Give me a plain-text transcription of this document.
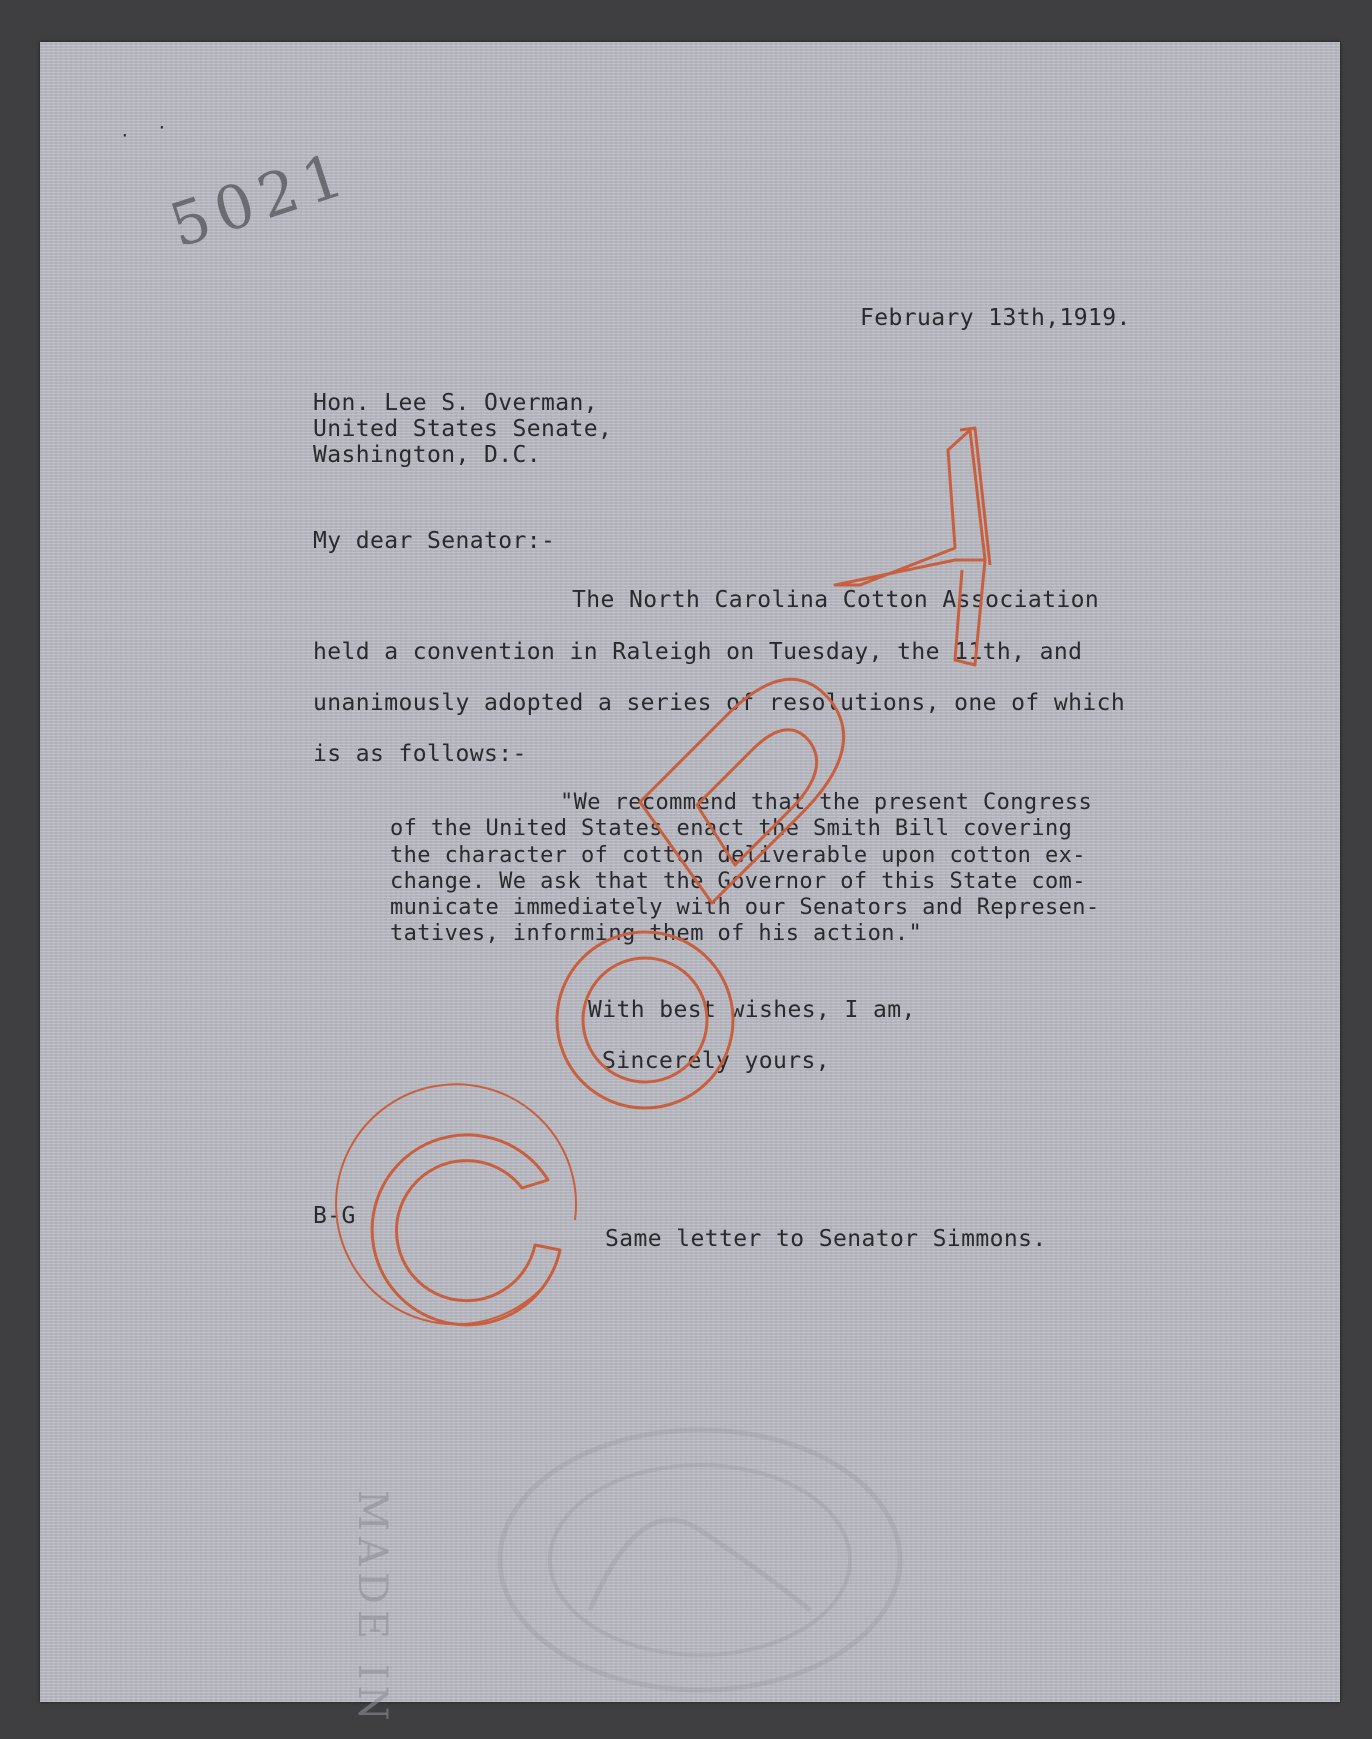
MADE IN
5021
· ·
February 13th,1919.
Hon. Lee S. Overman,
United States Senate,
Washington, D.C.
My dear Senator:-
The North Carolina Cotton Association
held a convention in Raleigh on Tuesday, the 11th, and
unanimously adopted a series of resolutions, one of which
is as follows:-
"We recommend that the present Congress
of the United States enact the Smith Bill covering
the character of cotton deliverable upon cotton ex-
change. We ask that the Governor of this State com-
municate immediately with our Senators and Represen-
tatives, informing them of his action."
With best wishes, I am,
Sincerely yours,
B-G
Same letter to Senator Simmons.
